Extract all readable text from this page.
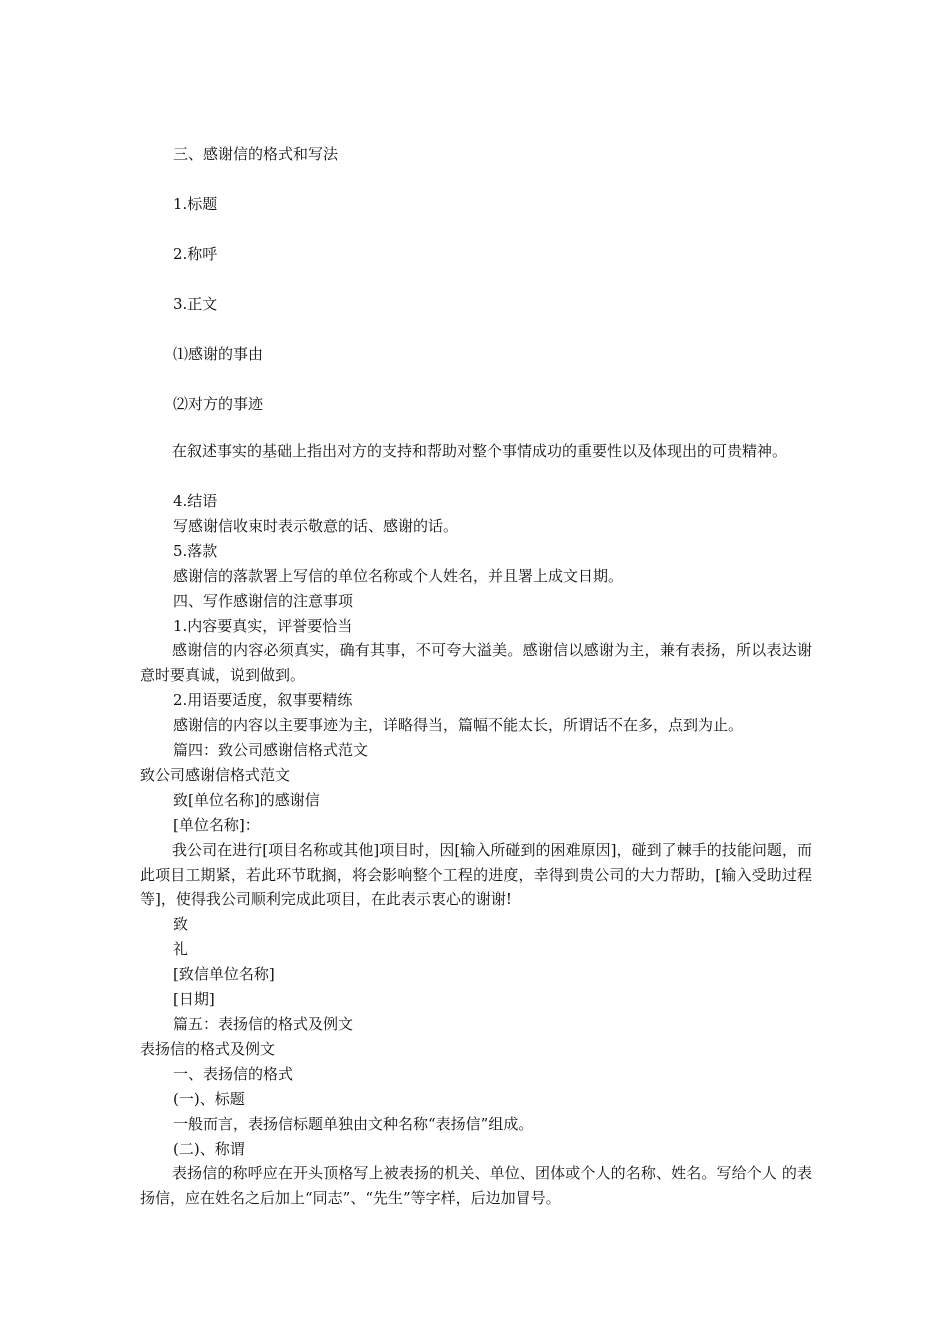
三、感谢信的格式和写法

1.标题

2.称呼

3.正文

⑴感谢的事由

⑵对方的事迹

在叙述事实的基础上指出对方的支持和帮助对整个事情成功的重要性以及体现出的可贵精神。

4.结语

写感谢信收束时表示敬意的话、感谢的话。

5.落款

感谢信的落款署上写信的单位名称或个人姓名，并且署上成文日期。

四、写作感谢信的注意事项

1.内容要真实，评誉要恰当

感谢信的内容必须真实，确有其事，不可夸大溢美。感谢信以感谢为主，兼有表扬，所以表达谢意时要真诚，说到做到。

2.用语要适度，叙事要精练

感谢信的内容以主要事迹为主，详略得当，篇幅不能太长，所谓话不在多，点到为止。

篇四：致公司感谢信格式范文

致公司感谢信格式范文

致[单位名称]的感谢信

[单位名称]：

我公司在进行[项目名称或其他]项目时，因[输入所碰到的困难原因]，碰到了棘手的技能问题，而此项目工期紧，若此环节耽搁，将会影响整个工程的进度，幸得到贵公司的大力帮助，[输入受助过程等]，使得我公司顺利完成此项目，在此表示衷心的谢谢!

致

礼

[致信单位名称]

[日期]

篇五：表扬信的格式及例文

表扬信的格式及例文

一、表扬信的格式

(一)、标题

一般而言，表扬信标题单独由文种名称“表扬信”组成。

(二)、称谓

表扬信的称呼应在开头顶格写上被表扬的机关、单位、团体或个人的名称、姓名。写给个人 的表扬信，应在姓名之后加上“同志”、“先生”等字样，后边加冒号。
